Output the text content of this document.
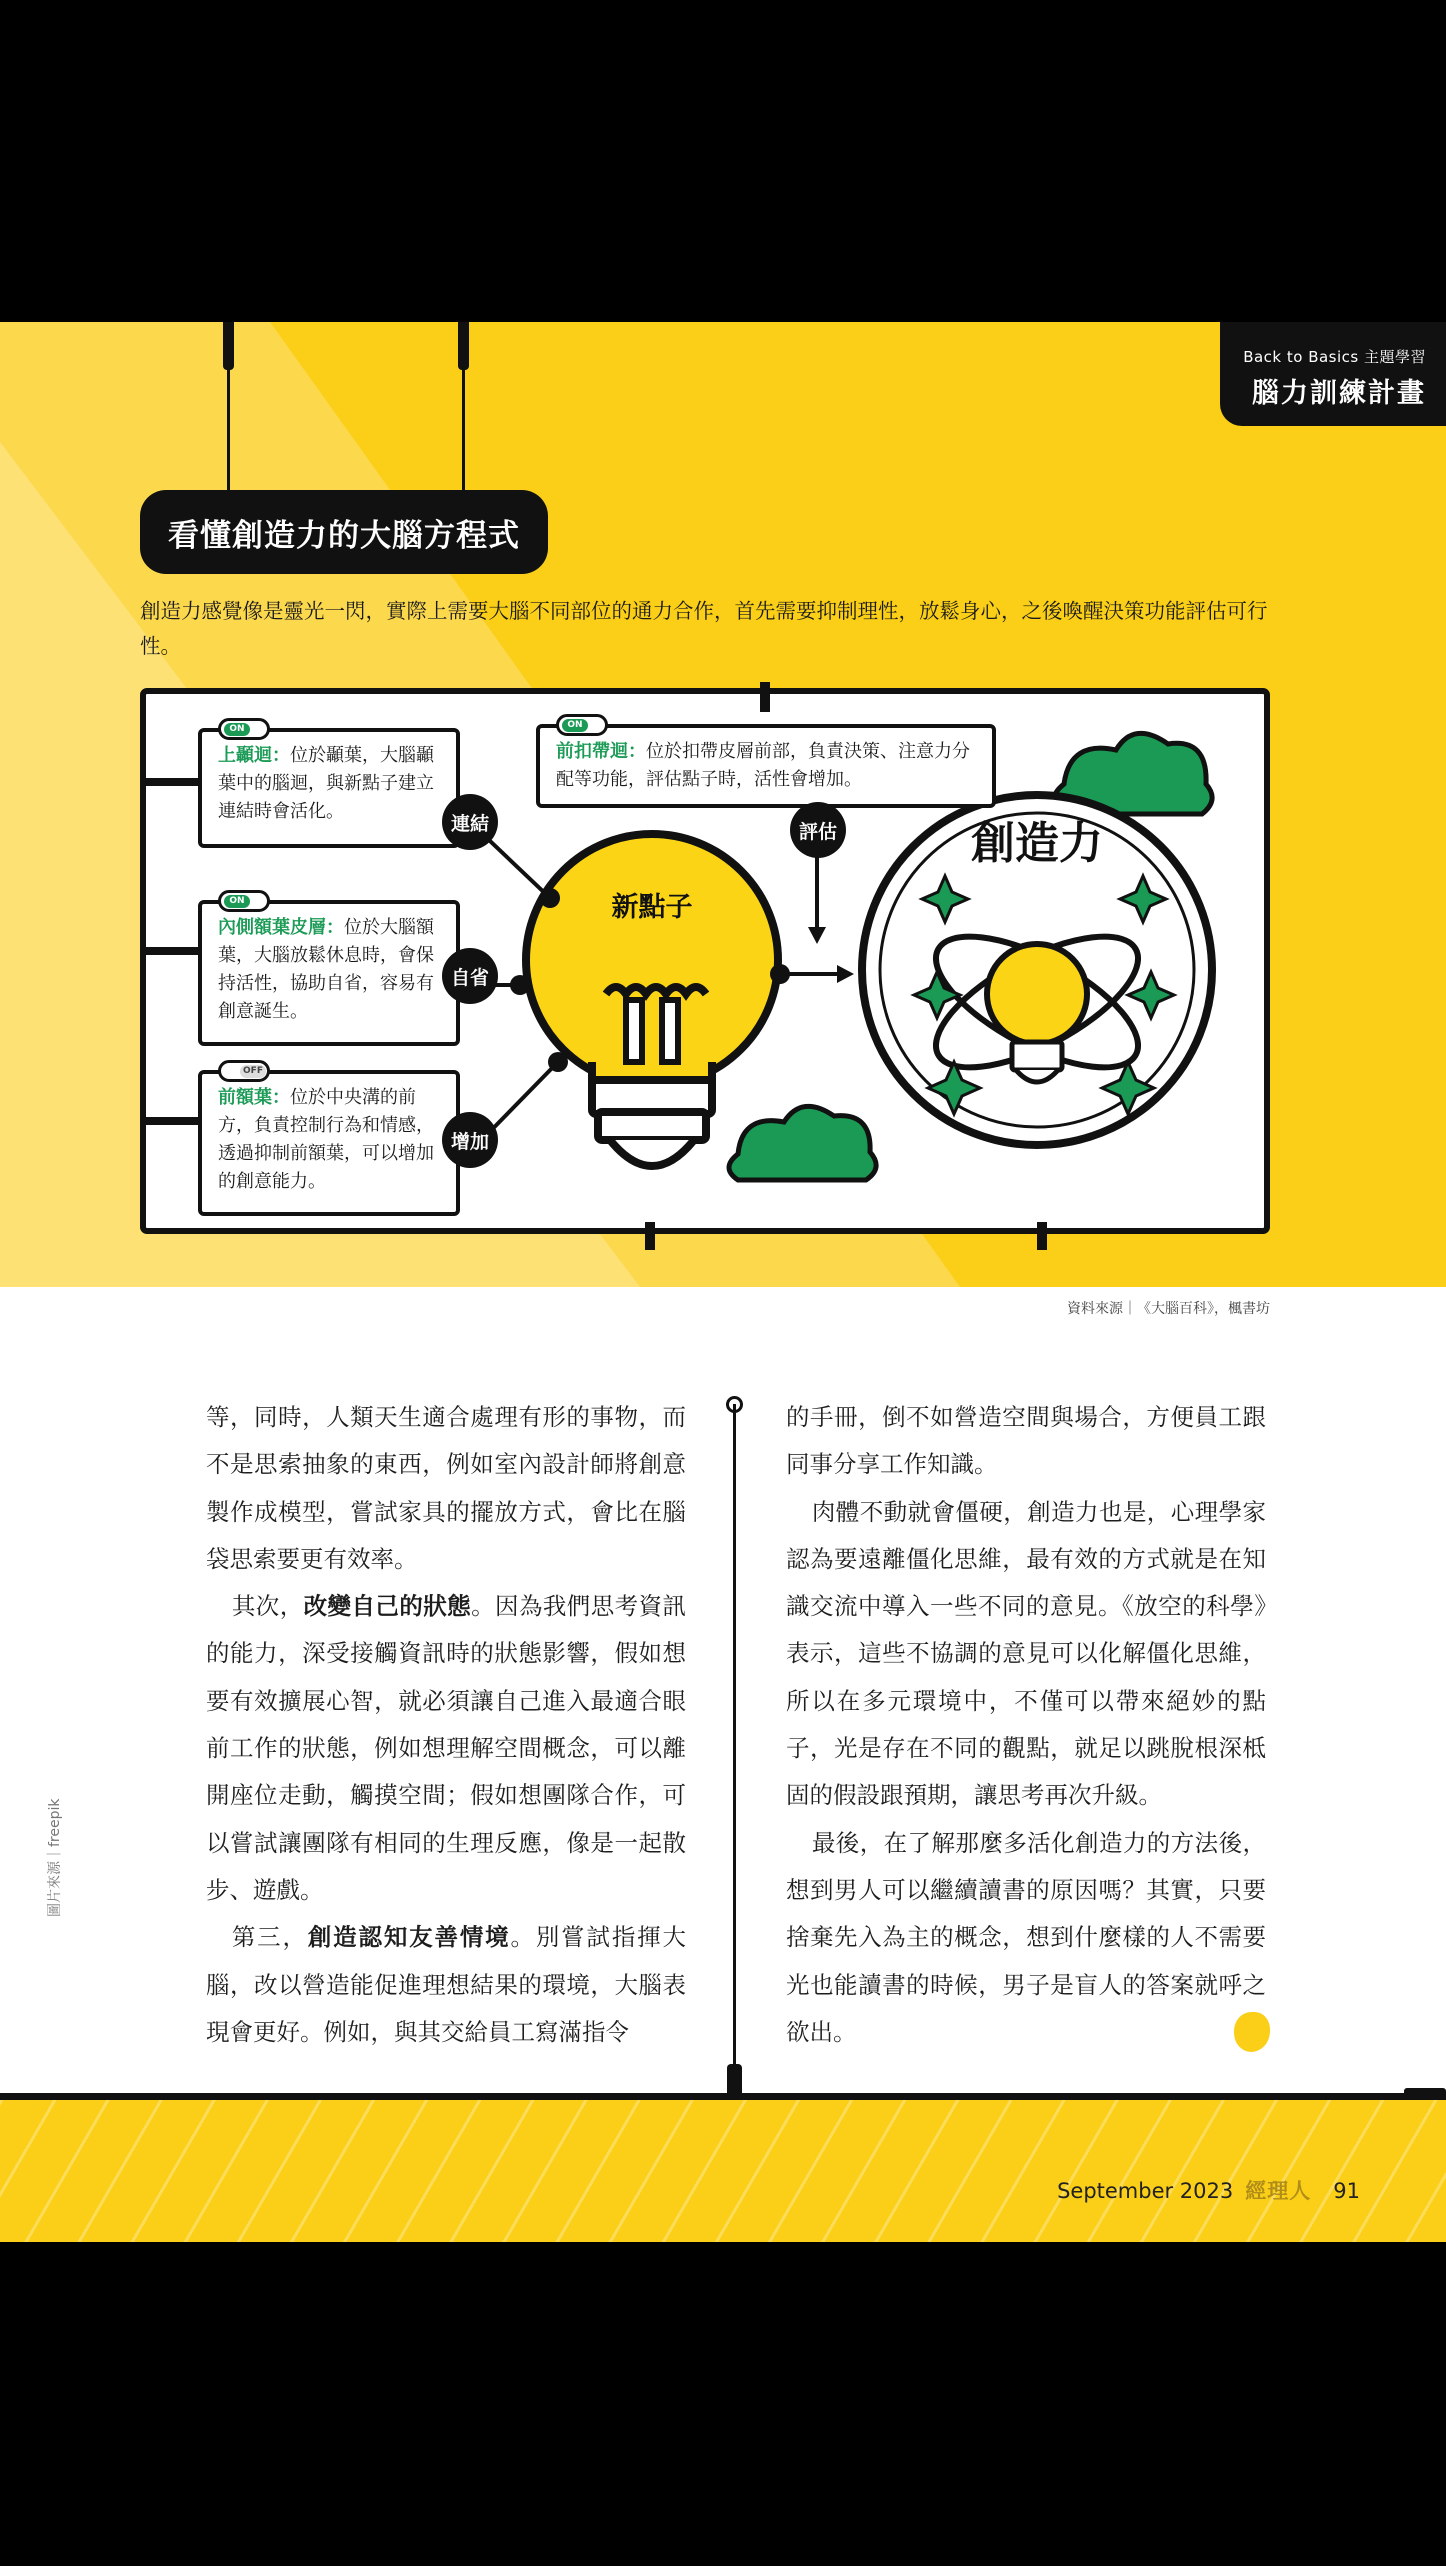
Back to Basics 主題學習
腦力訓練計畫
看懂創造力的大腦方程式
創造力感覺像是靈光一閃，實際上需要大腦不同部位的通力合作，首先需要抑制理性，放鬆身心，之後喚醒決策功能評估可行性。
新點子
創造力
ON
上顳迴：位於顳葉，大腦顳葉中的腦迴，與新點子建立連結時會活化。
ON
內側額葉皮層：位於大腦額葉，大腦放鬆休息時，會保持活性，協助自省，容易有創意誕生。
OFF
前額葉：位於中央溝的前方，負責控制行為和情感，透過抑制前額葉，可以增加的創意能力。
ON
前扣帶迴：位於扣帶皮層前部，負責決策、注意力分配等功能，評估點子時，活性會增加。
連結
自省
增加
評估
資料來源｜《大腦百科》，楓書坊

等，同時，人類天生適合處理有形的事物，而不是思索抽象的東西，例如室內設計師將創意製作成模型，嘗試家具的擺放方式，會比在腦袋思索要更有效率。

其次，改變自己的狀態。因為我們思考資訊的能力，深受接觸資訊時的狀態影響，假如想要有效擴展心智，就必須讓自己進入最適合眼前工作的狀態，例如想理解空間概念，可以離開座位走動，觸摸空間；假如想團隊合作，可以嘗試讓團隊有相同的生理反應，像是一起散步、遊戲。

第三，創造認知友善情境。別嘗試指揮大腦，改以營造能促進理想結果的環境，大腦表現會更好。例如，與其交給員工寫滿指令

的手冊，倒不如營造空間與場合，方便員工跟同事分享工作知識。

肉體不動就會僵硬，創造力也是，心理學家認為要遠離僵化思維，最有效的方式就是在知識交流中導入一些不同的意見。《放空的科學》表示，這些不協調的意見可以化解僵化思維，所以在多元環境中，不僅可以帶來絕妙的點子，光是存在不同的觀點，就足以跳脫根深柢固的假設跟預期，讓思考再次升級。

最後，在了解那麼多活化創造力的方法後，想到男人可以繼續讀書的原因嗎？其實，只要捨棄先入為主的概念，想到什麼樣的人不需要光也能讀書的時候，男子是盲人的答案就呼之欲出。

圖片來源｜freepik
September 2023 經理人 91
